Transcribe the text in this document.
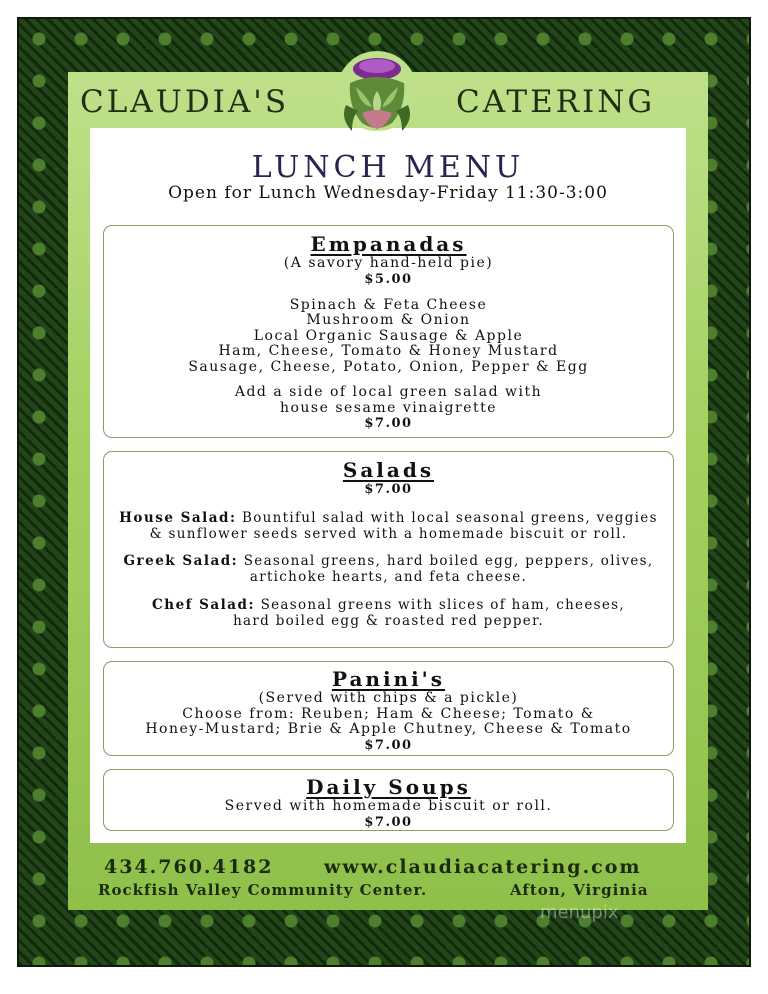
CLAUDIA'S	CATERING
LUNCH MENU
Open for Lunch Wednesday-Friday 11:30-3:00
Empanadas
(A savory hand-held pie)
$5.00
Spinach & Feta Cheese
Mushroom & Onion
Local Organic Sausage & Apple
Ham, Cheese, Tomato & Honey Mustard
Sausage, Cheese, Potato, Onion, Pepper & Egg
Add a side of local green salad with
house sesame vinaigrette
$7.00
Salads
$7.00
House Salad: Bountiful salad with local seasonal greens, veggies
& sunflower seeds served with a homemade biscuit or roll.
Greek Salad: Seasonal greens, hard boiled egg, peppers, olives,
artichoke hearts, and feta cheese.
Chef Salad: Seasonal greens with slices of ham, cheeses,
hard boiled egg & roasted red pepper.
Panini's
(Served with chips & a pickle)
Choose from: Reuben; Ham & Cheese; Tomato &
Honey-Mustard; Brie & Apple Chutney, Cheese & Tomato
$7.00
Daily Soups
Served with homemade biscuit or roll.
$7.00
434.760.4182	www.claudiacatering.com
Rockfish Valley Community Center.	Afton, Virginia
menupix
